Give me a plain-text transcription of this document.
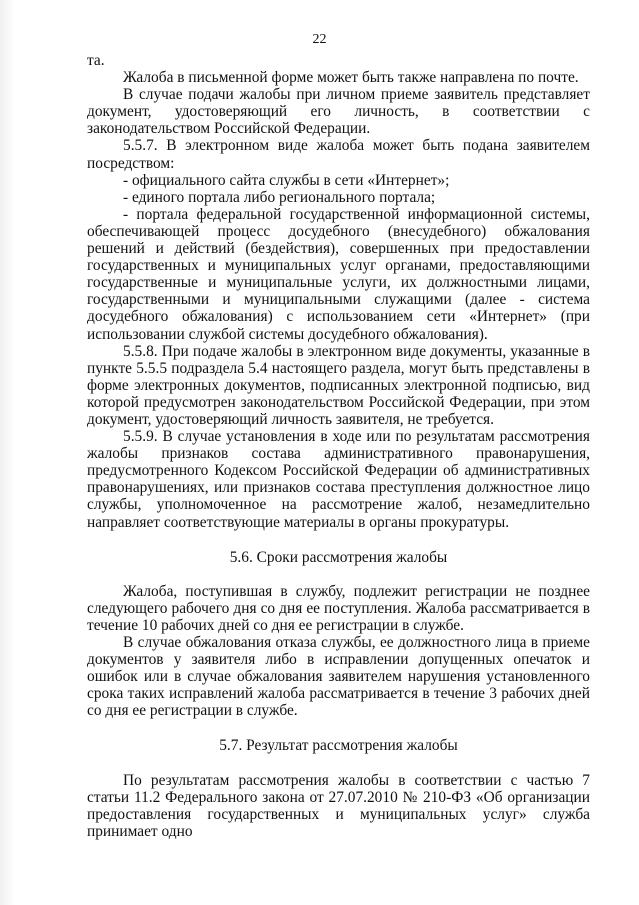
22

та.

Жалоба в письменной форме может быть также направлена по почте.

В случае подачи жалобы при личном приеме заявитель представляет документ, удостоверяющий его личность, в соответствии с законодательством Российской Федерации.

5.5.7. В электронном виде жалоба может быть подана заявителем посредством:

- официального сайта службы в сети «Интернет»;

- единого портала либо регионального портала;

- портала федеральной государственной информационной системы, обеспечивающей процесс досудебного (внесудебного) обжалования решений и действий (бездействия), совершенных при предоставлении государственных и муниципальных услуг органами, предоставляющими государственные и муниципальные услуги, их должностными лицами, государственными и муниципальными служащими (далее - система досудебного обжалования) с использованием сети «Интернет» (при использовании службой системы досудебного обжалования).

5.5.8. При подаче жалобы в электронном виде документы, указанные в пункте 5.5.5 подраздела 5.4 настоящего раздела, могут быть представлены в форме электронных документов, подписанных электронной подписью, вид которой предусмотрен законодательством Российской Федерации, при этом документ, удостоверяющий личность заявителя, не требуется.

5.5.9. В случае установления в ходе или по результатам рассмотрения жалобы признаков состава административного правонарушения, предусмотренного Кодексом Российской Федерации об административных правонарушениях, или признаков состава преступления должностное лицо службы, уполномоченное на рассмотрение жалоб, незамедлительно направляет соответствующие материалы в органы прокуратуры.

5.6. Сроки рассмотрения жалобы

Жалоба, поступившая в службу, подлежит регистрации не позднее следующего рабочего дня со дня ее поступления. Жалоба рассматривается в течение 10 рабочих дней со дня ее регистрации в службе.

В случае обжалования отказа службы, ее должностного лица в приеме документов у заявителя либо в исправлении допущенных опечаток и ошибок или в случае обжалования заявителем нарушения установленного срока таких исправлений жалоба рассматривается в течение 3 рабочих дней со дня ее регистрации в службе.

5.7. Результат рассмотрения жалобы

По результатам рассмотрения жалобы в соответствии с частью 7 статьи 11.2 Федерального закона от 27.07.2010 № 210-ФЗ «Об организации предоставления государственных и муниципальных услуг» служба принимает одно
